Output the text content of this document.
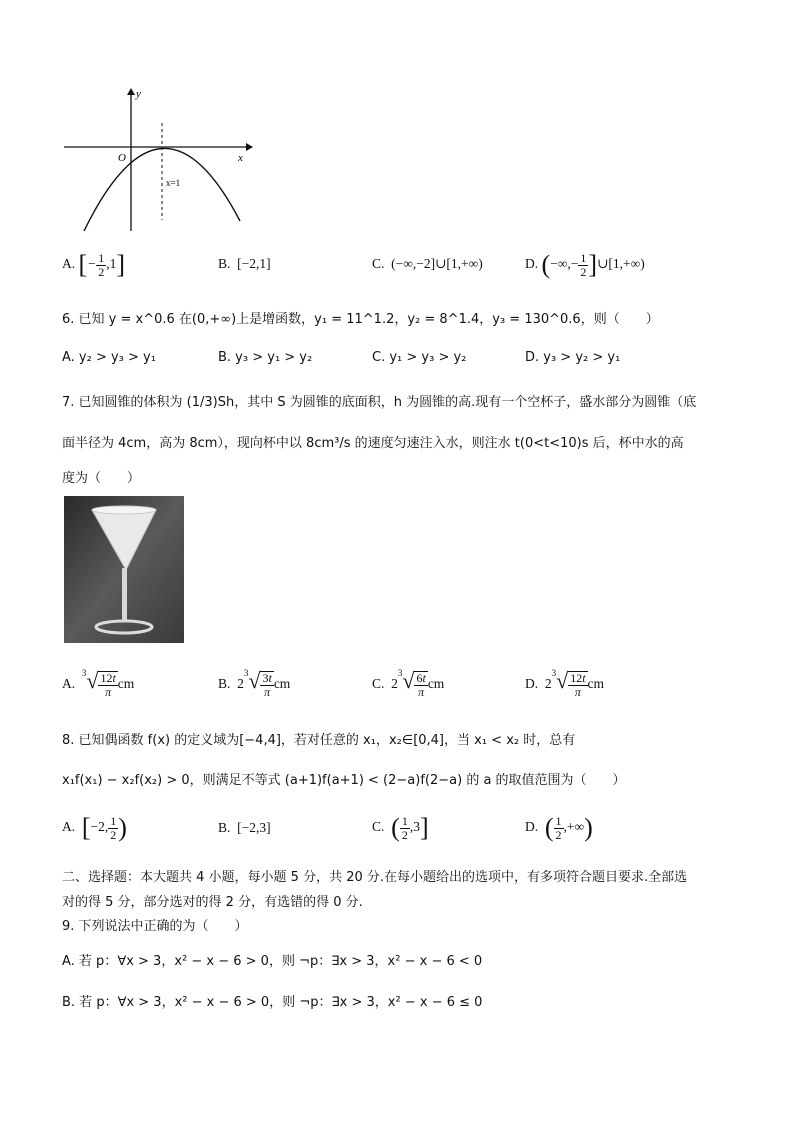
y
x
O
x=1
A. [− $\frac{1}{2} ,1$]	B.  [−2,1]	C.  (−∞,−2]∪[1,+∞)	D. (−∞,− $\frac{1}{2}$ ]∪[1,+∞)
6. 已知 y = x^0.6 在(0,+∞)上是增函数，y₁ = 11^1.2，y₂ = 8^1.4，y₃ = 130^0.6，则（　　）
A. y₂ > y₃ > y₁	B. y₃ > y₁ > y₂	C. y₁ > y₃ > y₂	D. y₃ > y₂ > y₁
7. 已知圆锥的体积为 (1/3)Sh，其中 S 为圆锥的底面积，h 为圆锥的高.现有一个空杯子，盛水部分为圆锥（底
面半径为 4cm，高为 8cm），现向杯中以 8cm³/s 的速度匀速注入水，则注水 t(0<t<10)s 后，杯中水的高
度为（　　）
A.  $^3√ \frac{12t}{\pi}$ cm	B.  $2^3√ \frac{3t}{\pi}$ cm	C.  $2^3√ \frac{6t}{\pi}$ cm	D.  $2^3√ \frac{12t}{\pi}$ cm
8. 已知偶函数 f(x) 的定义域为[−4,4]，若对任意的 x₁，x₂∈[0,4]，当 x₁ < x₂ 时，总有
x₁f(x₁) − x₂f(x₂) > 0，则满足不等式 (a+1)f(a+1) < (2−a)f(2−a) 的 a 的取值范围为（　　）
A.  [−2, $\frac{1}{2}$ )	B.  [−2,3]	C.  ( $\frac{1}{2} ,3$]	D.  ( $\frac{1}{2}$ ,+∞)
二、选择题：本大题共 4 小题，每小题 5 分，共 20 分.在每小题给出的选项中，有多项符合题目要求.全部选
对的得 5 分，部分选对的得 2 分，有选错的得 0 分.
9. 下列说法中正确的为（　　）
A. 若 p：∀x > 3，x² − x − 6 > 0，则 ¬p：∃x > 3，x² − x − 6 < 0
B. 若 p：∀x > 3，x² − x − 6 > 0，则 ¬p：∃x > 3，x² − x − 6 ≤ 0
